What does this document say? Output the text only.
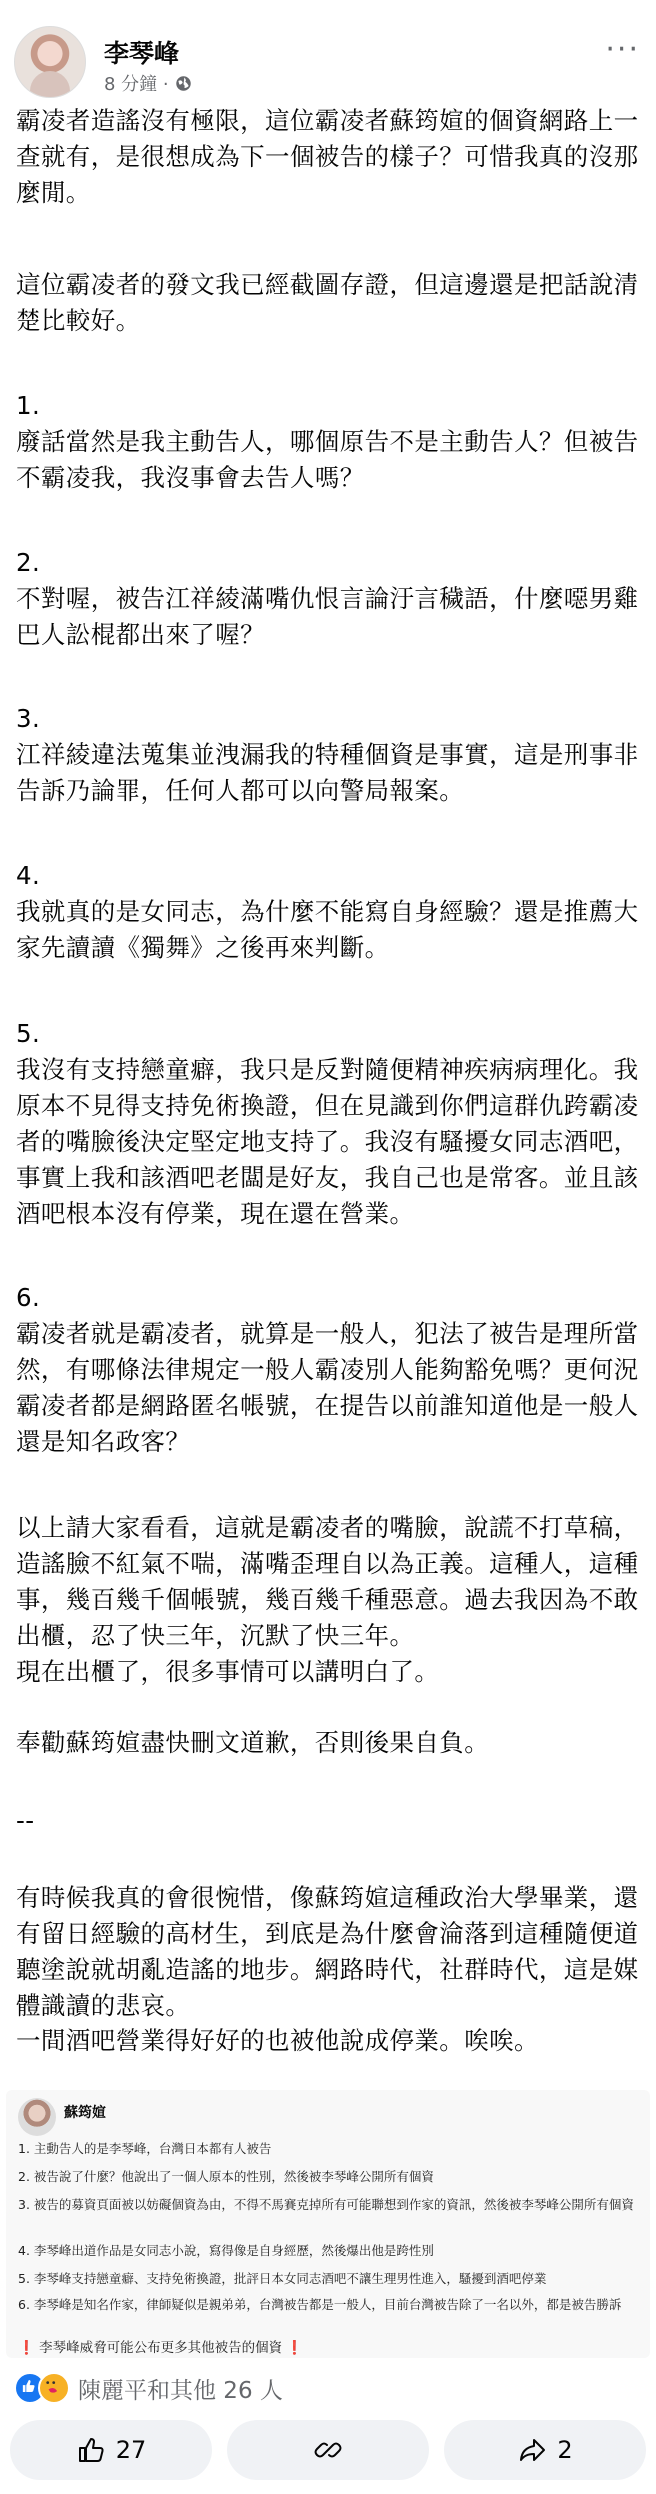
李琴峰
8 分鐘 ·
···

霸凌者造謠沒有極限，這位霸凌者蘇筠媗的個資網路上一查就有，是很想成為下一個被告的樣子？可惜我真的沒那麼閒。

這位霸凌者的發文我已經截圖存證，但這邊還是把話說清楚比較好。

1.
廢話當然是我主動告人，哪個原告不是主動告人？但被告不霸凌我，我沒事會去告人嗎？

2.
不對喔，被告江祥綾滿嘴仇恨言論汙言穢語，什麼噁男雞巴人訟棍都出來了喔？

3.
江祥綾違法蒐集並洩漏我的特種個資是事實，這是刑事非告訴乃論罪，任何人都可以向警局報案。

4.
我就真的是女同志，為什麼不能寫自身經驗？還是推薦大家先讀讀《獨舞》之後再來判斷。

5.
我沒有支持戀童癖，我只是反對隨便精神疾病病理化。我原本不見得支持免術換證，但在見識到你們這群仇跨霸凌者的嘴臉後決定堅定地支持了。我沒有騷擾女同志酒吧，事實上我和該酒吧老闆是好友，我自己也是常客。並且該酒吧根本沒有停業，現在還在營業。

6.
霸凌者就是霸凌者，就算是一般人，犯法了被告是理所當然，有哪條法律規定一般人霸凌別人能夠豁免嗎？更何況霸凌者都是網路匿名帳號，在提告以前誰知道他是一般人還是知名政客？

以上請大家看看，這就是霸凌者的嘴臉，說謊不打草稿，造謠臉不紅氣不喘，滿嘴歪理自以為正義。這種人，這種事，幾百幾千個帳號，幾百幾千種惡意。過去我因為不敢出櫃，忍了快三年，沉默了快三年。
現在出櫃了，很多事情可以講明白了。

奉勸蘇筠媗盡快刪文道歉，否則後果自負。

--

有時候我真的會很惋惜，像蘇筠媗這種政治大學畢業，還有留日經驗的高材生，到底是為什麼會淪落到這種隨便道聽塗說就胡亂造謠的地步。網路時代，社群時代，這是媒體識讀的悲哀。

一間酒吧營業得好好的也被他說成停業。唉唉。

蘇筠媗
1. 主動告人的是李琴峰，台灣日本都有人被告
2. 被告說了什麼？他說出了一個人原本的性別，然後被李琴峰公開所有個資
3. 被告的募資頁面被以妨礙個資為由，不得不馬賽克掉所有可能聯想到作家的資訊，然後被李琴峰公開所有個資
4. 李琴峰出道作品是女同志小說，寫得像是自身經歷，然後爆出他是跨性別
5. 李琴峰支持戀童癖、支持免術換證，批評日本女同志酒吧不讓生理男性進入，騷擾到酒吧停業
6. 李琴峰是知名作家，律師疑似是親弟弟，台灣被告都是一般人，目前台灣被告除了一名以外，都是被告勝訴
❗ 李琴峰威脅可能公布更多其他被告的個資 ❗
陳麗平和其他 26 人
27	2
